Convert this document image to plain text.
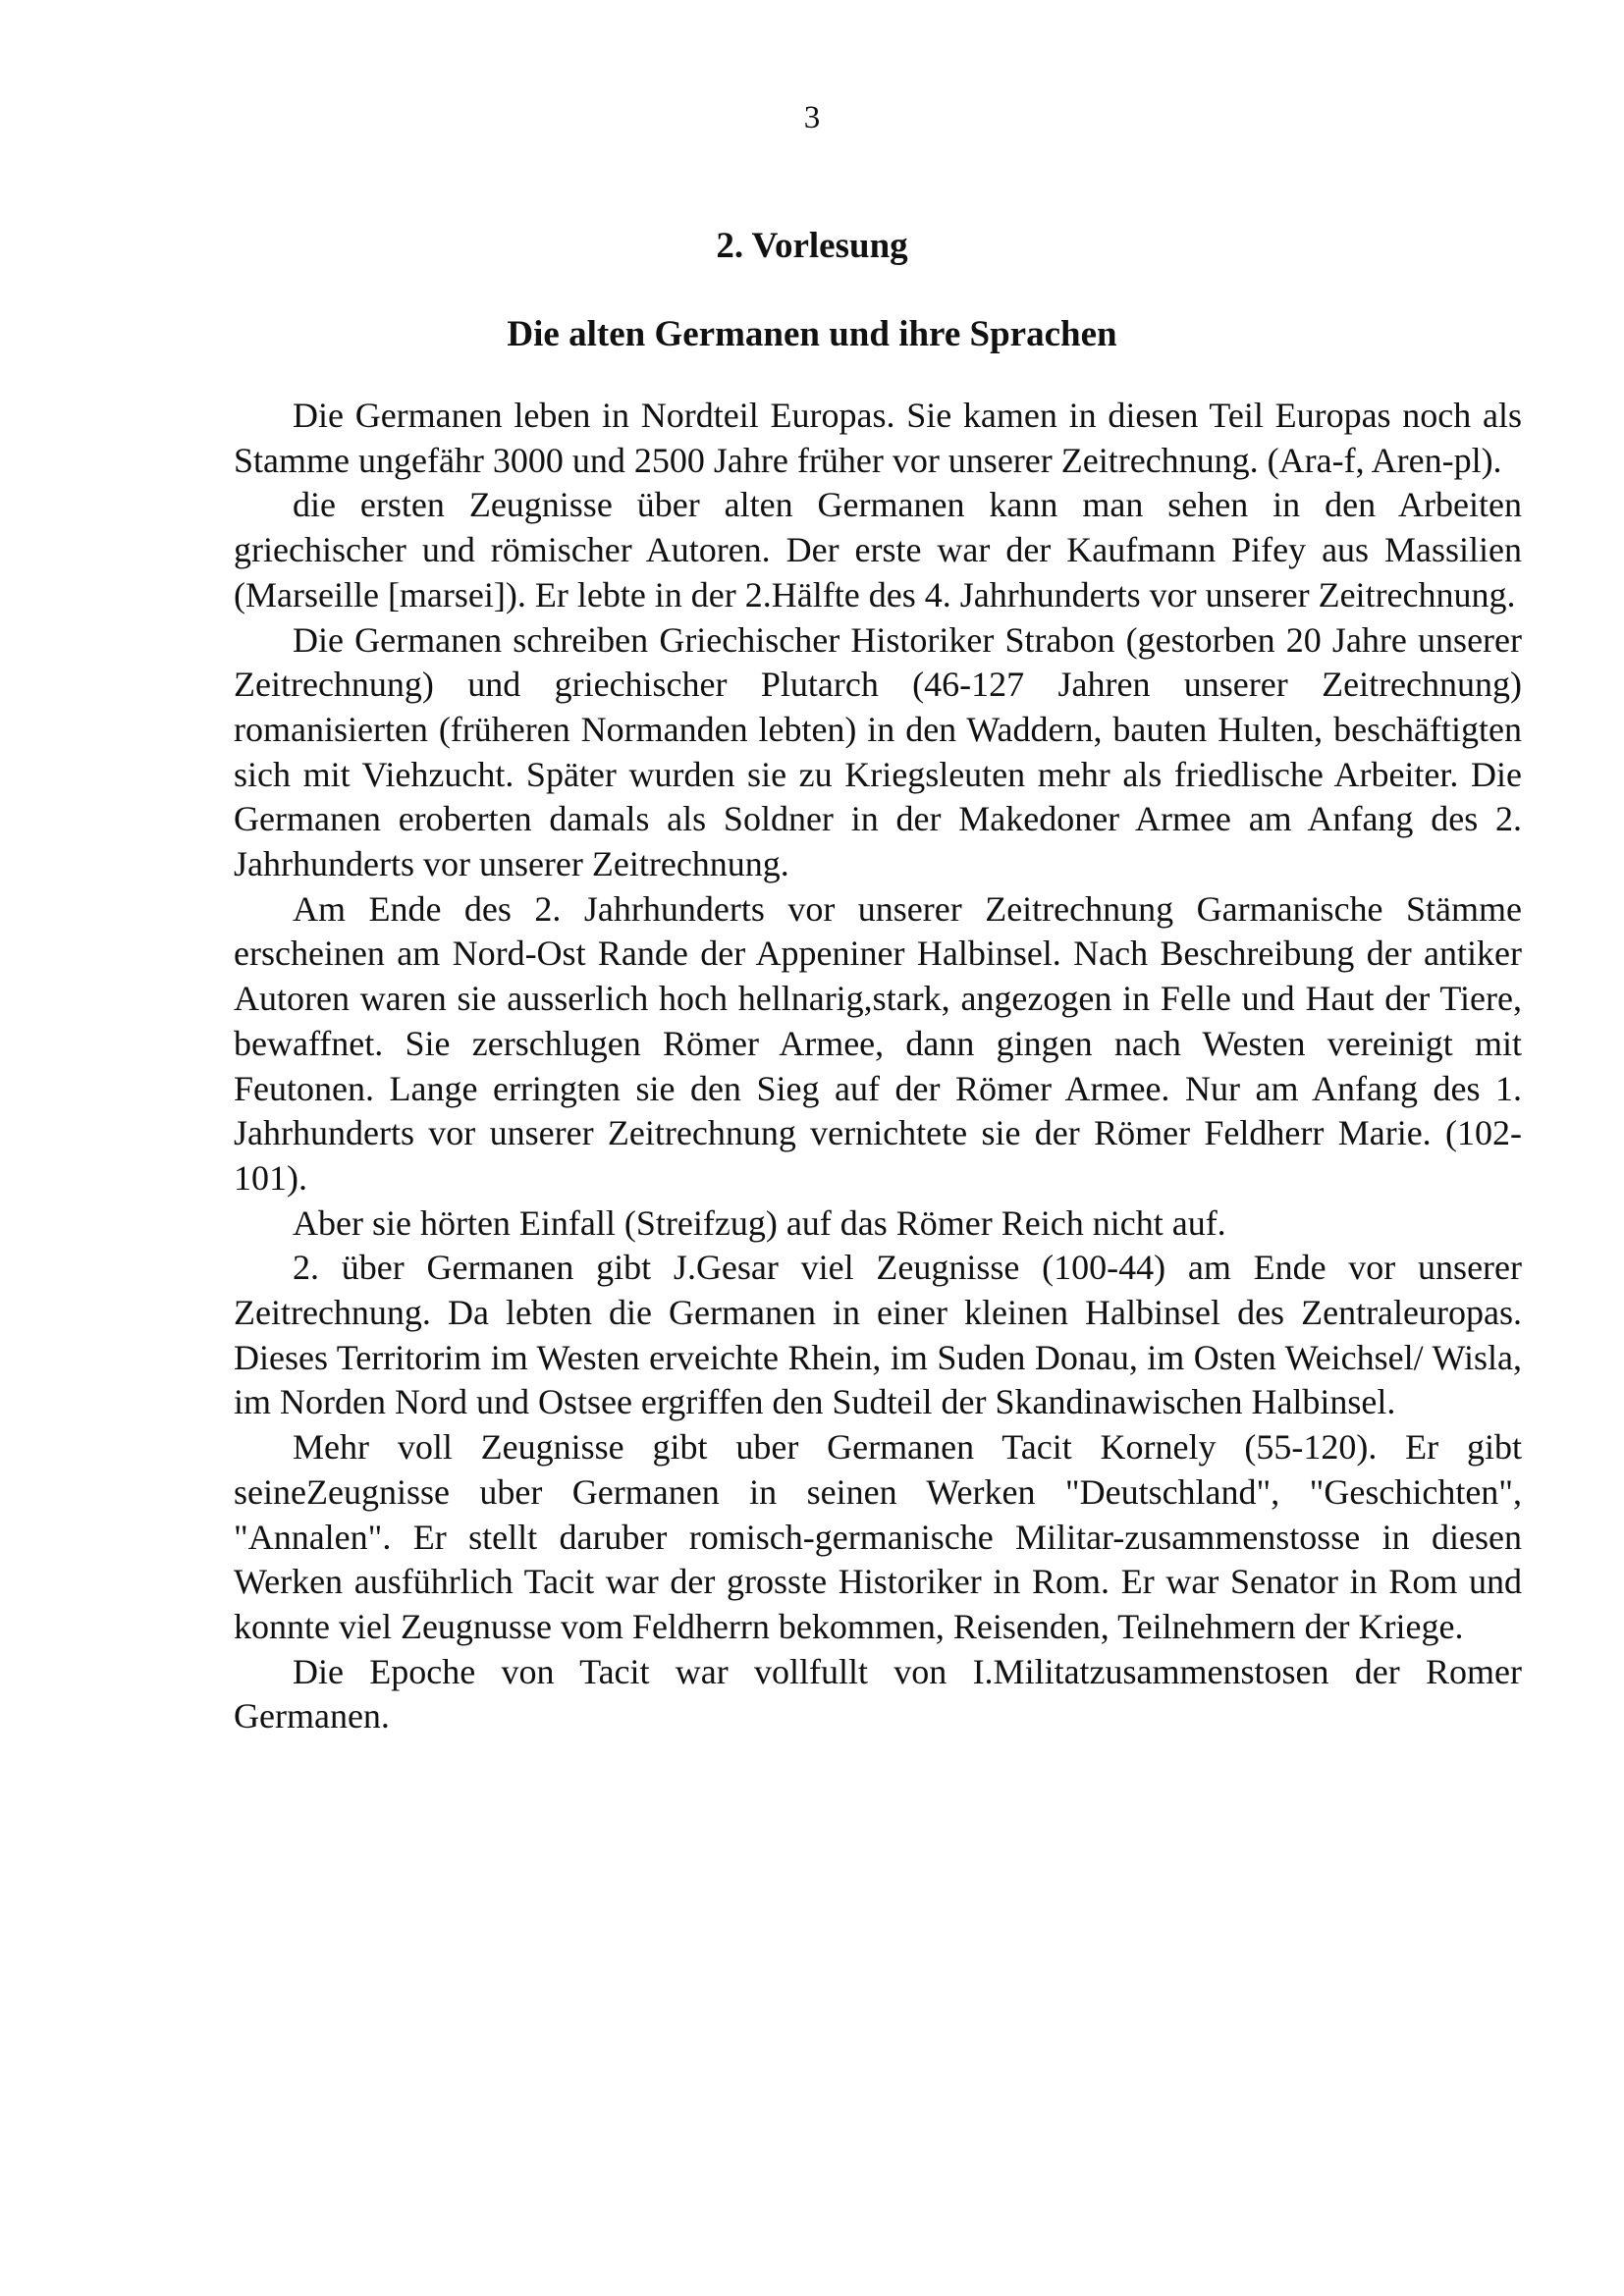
3
2. Vorlesung
Die alten Germanen und ihre Sprachen

Die Germanen leben in Nordteil Europas. Sie kamen in diesen Teil Europas noch als Stamme ungefähr 3000 und 2500 Jahre früher vor unserer Zeitrechnung. (Ara-f, Aren-pl).

die ersten Zeugnisse über alten Germanen kann man sehen in den Arbeiten griechischer und römischer Autoren. Der erste war der Kaufmann Pifey aus Massilien (Marseille [marsei]). Er lebte in der 2.Hälfte des 4. Jahrhunderts vor unserer Zeitrechnung.

Die Germanen schreiben Griechischer Historiker Strabon (gestorben 20 Jahre unserer Zeitrechnung) und griechischer Plutarch (46-127 Jahren unserer Zeitrechnung) romanisierten (früheren Normanden lebten) in den Waddern, bauten Hulten, beschäftigten sich mit Viehzucht. Später wurden sie zu Kriegsleuten mehr als friedlische Arbeiter. Die Germanen eroberten damals als Soldner in der Makedoner Armee am Anfang des 2. Jahrhunderts vor unserer Zeitrechnung.

Am Ende des 2. Jahrhunderts vor unserer Zeitrechnung Garmanische Stämme erscheinen am Nord-Ost Rande der Appeniner Halbinsel. Nach Beschreibung der antiker Autoren waren sie ausserlich hoch hellnarig,stark, angezogen in Felle und Haut der Tiere, bewaffnet. Sie zerschlugen Römer Armee, dann gingen nach Westen vereinigt mit Feutonen. Lange erringten sie den Sieg auf der Römer Armee. Nur am Anfang des 1. Jahrhunderts vor unserer Zeitrechnung vernichtete sie der Römer Feldherr Marie. (102-101).

Aber sie hörten Einfall (Streifzug) auf das Römer Reich nicht auf.

2. über Germanen gibt J.Gesar viel Zeugnisse (100-44) am Ende vor unserer Zeitrechnung. Da lebten die Germanen in einer kleinen Halbinsel des Zentraleuropas. Dieses Territorim im Westen erveichte Rhein, im Suden Donau, im Osten Weichsel/ Wisla, im Norden Nord und Ostsee ergriffen den Sudteil der Skandinawischen Halbinsel.

Mehr voll Zeugnisse gibt uber Germanen Tacit Kornely (55-120). Er gibt seineZeugnisse uber Germanen in seinen Werken "Deutschland", "Geschichten", "Annalen". Er stellt daruber romisch-germanische Militar-zusammenstosse in diesen Werken ausführlich Tacit war der grosste Historiker in Rom. Er war Senator in Rom und konnte viel Zeugnusse vom Feldherrn bekommen, Reisenden, Teilnehmern der Kriege.

Die Epoche von Tacit war vollfullt von I.Militatzusammenstosen der Romer Germanen.
